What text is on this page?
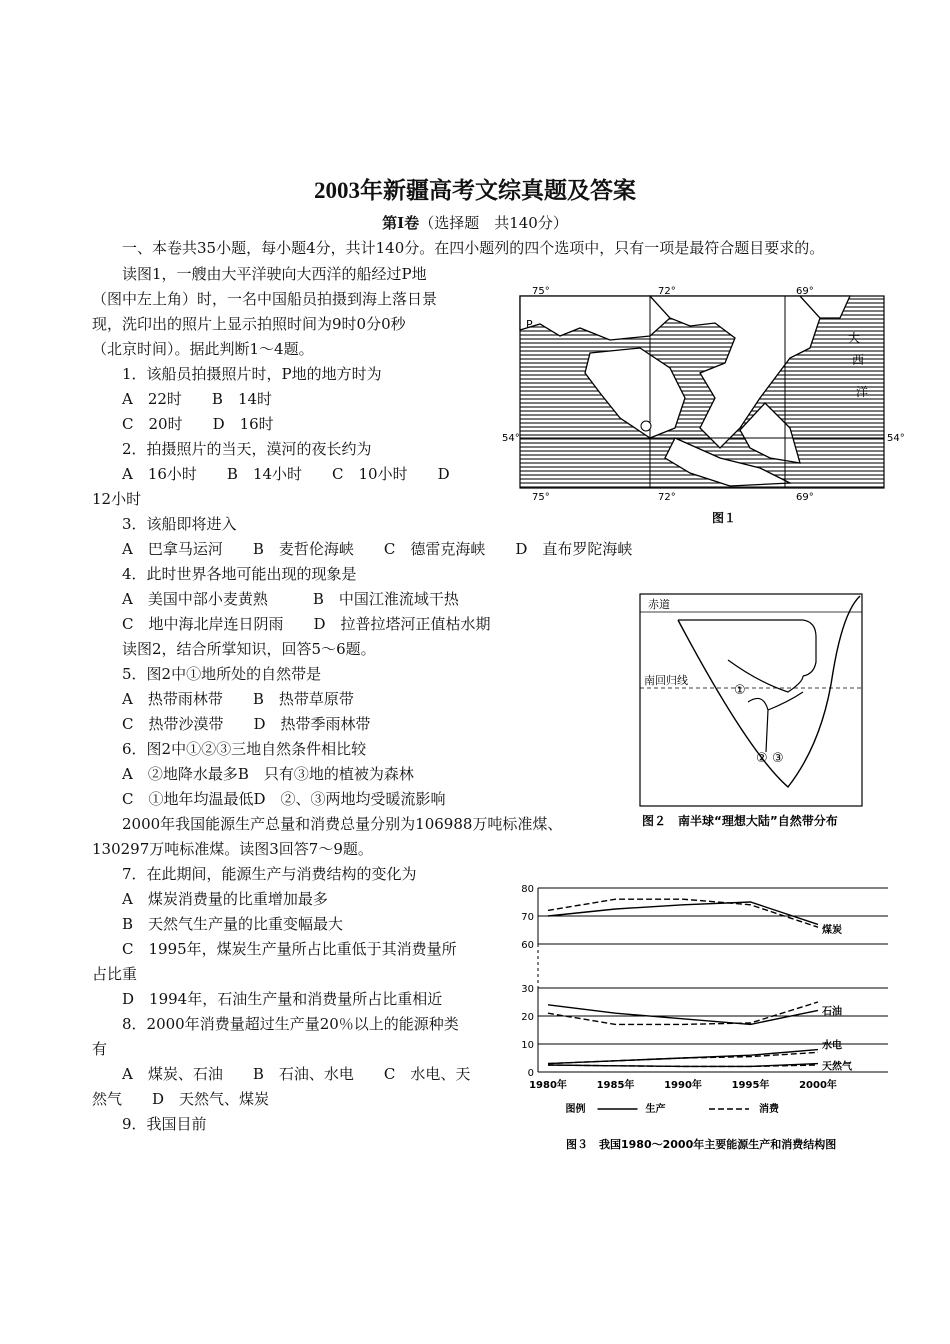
2003年新疆高考文综真题及答案
第Ⅰ卷（选择题　共140分）
一、本卷共35小题，每小题4分，共计140分。在四小题列的四个选项中，只有一项是最符合题目要求的。
读图1，一艘由大平洋驶向大西洋的船经过P地
（图中左上角）时，一名中国船员拍摄到海上落日景
现，洗印出的照片上显示拍照时间为9时0分0秒
（北京时间）。据此判断1～4题。
1．该船员拍摄照片时，P地的地方时为
A　22时　　B　14时
C　20时　　D　16时
2．拍摄照片的当天，漠河的夜长约为
A　16小时　　B　14小时　　C　10小时　　D
12小时
3．该船即将进入
A　巴拿马运河　　B　麦哲伦海峡　　C　德雷克海峡　　D　直布罗陀海峡
4．此时世界各地可能出现的现象是
A　美国中部小麦黄熟　　　B　中国江淮流域干热
C　地中海北岸连日阴雨　　D　拉普拉塔河正值枯水期
读图2，结合所掌知识，回答5～6题。
5．图2中①地所处的自然带是
A　热带雨林带　　B　热带草原带
C　热带沙漠带　　D　热带季雨林带
6．图2中①②③三地自然条件相比较
A　②地降水最多B　只有③地的植被为森林
C　①地年均温最低D　②、③两地均受暖流影响
2000年我国能源生产总量和消费总量分别为106988万吨标准煤、
130297万吨标准煤。读图3回答7～9题。
7．在此期间，能源生产与消费结构的变化为
A　煤炭消费量的比重增加最多
B　天然气生产量的比重变幅最大
C　1995年，煤炭生产量所占比重低于其消费量所
占比重
D　1994年，石油生产量和消费量所占比重相近
8．2000年消费量超过生产量20％以上的能源种类
有
A　煤炭、石油　　B　石油、水电　　C　水电、天
然气　　D　天然气、煤炭
9．我国目前
75°	72°	69°
75°	72°	69°
54°	54°
P
大
西
洋
图１
赤道
南回归线
①
② ③
图２　南半球“理想大陆”自然带分布
0
10
20
30
60
70
80
1980年	1985年	1990年	1995年	2000年
煤炭
石油
水电
天然气
图例	生产	消费
图３　我国1980～2000年主要能源生产和消费结构图
